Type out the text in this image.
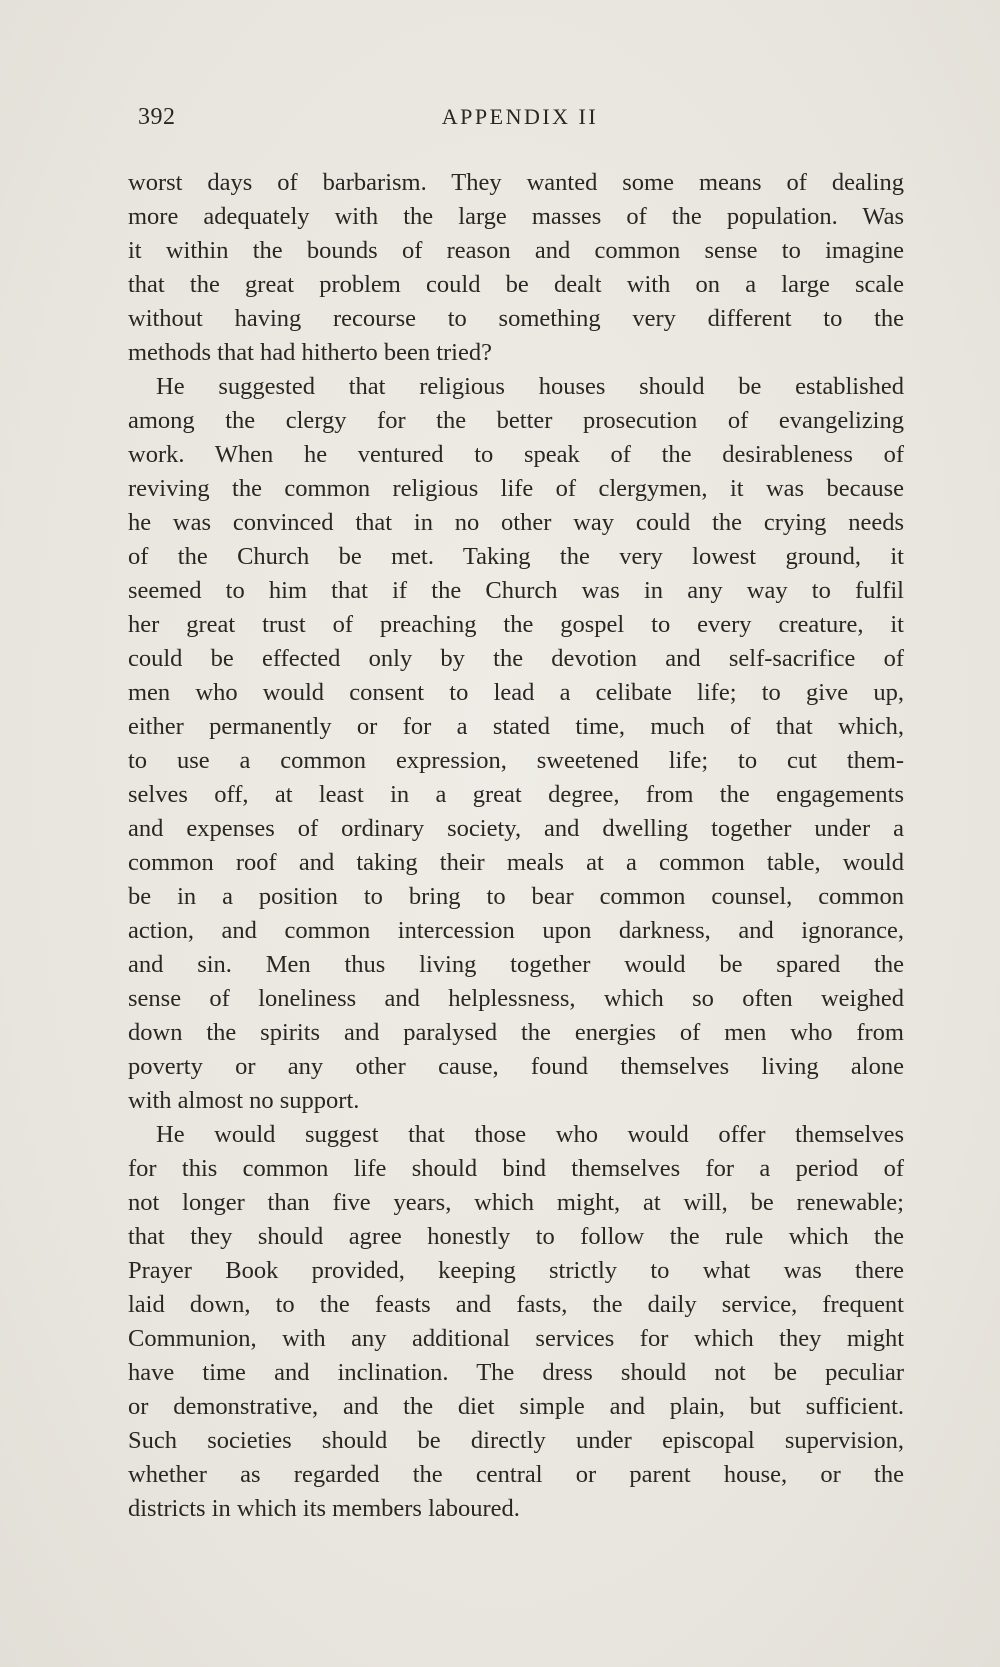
392	APPENDIX II
worst days of barbarism. They wanted some means of dealing
more adequately with the large masses of the population. Was
it within the bounds of reason and common sense to imagine
that the great problem could be dealt with on a large scale
without having recourse to something very different to the
methods that had hitherto been tried?
He suggested that religious houses should be established
among the clergy for the better prosecution of evangelizing
work. When he ventured to speak of the desirableness of
reviving the common religious life of clergymen, it was because
he was convinced that in no other way could the crying needs
of the Church be met. Taking the very lowest ground, it
seemed to him that if the Church was in any way to fulfil
her great trust of preaching the gospel to every creature, it
could be effected only by the devotion and self-sacrifice of
men who would consent to lead a celibate life; to give up,
either permanently or for a stated time, much of that which,
to use a common expression, sweetened life; to cut them-
selves off, at least in a great degree, from the engagements
and expenses of ordinary society, and dwelling together under a
common roof and taking their meals at a common table, would
be in a position to bring to bear common counsel, common
action, and common intercession upon darkness, and ignorance,
and sin. Men thus living together would be spared the
sense of loneliness and helplessness, which so often weighed
down the spirits and paralysed the energies of men who from
poverty or any other cause, found themselves living alone
with almost no support.
He would suggest that those who would offer themselves
for this common life should bind themselves for a period of
not longer than five years, which might, at will, be renewable;
that they should agree honestly to follow the rule which the
Prayer Book provided, keeping strictly to what was there
laid down, to the feasts and fasts, the daily service, frequent
Communion, with any additional services for which they might
have time and inclination. The dress should not be peculiar
or demonstrative, and the diet simple and plain, but sufficient.
Such societies should be directly under episcopal supervision,
whether as regarded the central or parent house, or the
districts in which its members laboured.
